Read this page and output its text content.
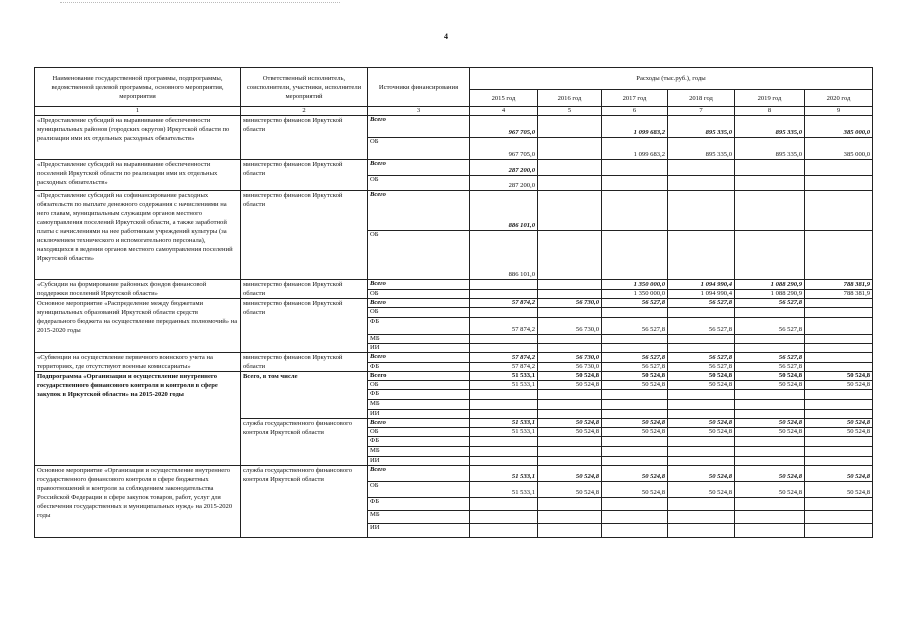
4
Наименование государственной программы, подпрограммы, ведомственной целевой программы, основного мероприятия, мероприятия	Ответственный исполнитель, соисполнители, участники, исполнители мероприятий	Источники финансирования	Расходы (тыс.руб.), годы					
			2015 год	2016 год	2017 год	2018 год	2019 год	2020 год
1	2	3	4	5	6	7	8	9
«Предоставление субсидий на выравнивание обеспеченности муниципальных районов (городских округов) Иркутской области по реализации ими их отдельных расходных обязательств»	министерство финансов Иркутской области	Всего	967 705,0		1 099 683,2	895 335,0	895 335,0	385 000,0
		ОБ	967 705,0		1 099 683,2	895 335,0	895 335,0	385 000,0
«Предоставление субсидий на выравнивание обеспеченности поселений Иркутской области по реализации ими их отдельных расходных обязательств»	министерство финансов Иркутской области	Всего	287 200,0					
		ОБ	287 200,0					
«Предоставление субсидий на софинансирование расходных обязательств по выплате денежного содержания с начислениями на него главам, муниципальным служащим органов местного самоуправления поселений Иркутской области, а также заработной платы с начислениями на нее работникам учреждений культуры (за исключением технического и вспомогательного персонала), находящихся в ведении органов местного самоуправления поселений Иркутской области»	министерство финансов Иркутской области	Всего	886 101,0					
		ОБ	886 101,0					
«Субсидии на формирование районных фондов финансовой поддержки поселений Иркутской области»	министерство финансов Иркутской области	Всего			1 350 000,0	1 094 990,4	1 088 290,9	788 381,9
		ОБ			1 350 000,0	1 094 990,4	1 088 290,9	788 381,9
Основное мероприятие «Распределение между бюджетами муниципальных образований Иркутской области средств федерального бюджета на осуществление переданных полномочий» на 2015-2020 годы	министерство финансов Иркутской области	Всего	57 874,2	56 730,0	56 527,8	56 527,8	56 527,8	
		ОБ						
		ФБ	57 874,2	56 730,0	56 527,8	56 527,8	56 527,8	
		МБ						
		ИИ						
«Субвенции на осуществление первичного воинского учета на территориях, где отсутствуют военные комиссариаты»	министерство финансов Иркутской области	Всего	57 874,2	56 730,0	56 527,8	56 527,8	56 527,8	
		ФБ	57 874,2	56 730,0	56 527,8	56 527,8	56 527,8	
Подпрограмма «Организация и осуществление внутреннего государственного финансового контроля и контроля в сфере закупок в Иркутской области» на 2015-2020 годы	Всего, в том числе	Всего	51 533,1	50 524,8	50 524,8	50 524,8	50 524,8	50 524,8
		ОБ	51 533,1	50 524,8	50 524,8	50 524,8	50 524,8	50 524,8
		ФБ						
		МБ						
		ИИ						
	служба государственного финансового контроля Иркутской области	Всего	51 533,1	50 524,8	50 524,8	50 524,8	50 524,8	50 524,8
		ОБ	51 533,1	50 524,8	50 524,8	50 524,8	50 524,8	50 524,8
		ФБ						
		МБ						
		ИИ						
Основное мероприятие «Организация и осуществление внутреннего государственного финансового контроля в сфере бюджетных правоотношений и контроля за соблюдением законодательства Российской Федерации в сфере закупок товаров, работ, услуг для обеспечения государственных и муниципальных нужд» на 2015-2020 годы	служба государственного финансового контроля Иркутской области	Всего	51 533,1	50 524,8	50 524,8	50 524,8	50 524,8	50 524,8
		ОБ	51 533,1	50 524,8	50 524,8	50 524,8	50 524,8	50 524,8
		ФБ						
		МБ						
		ИИ						
